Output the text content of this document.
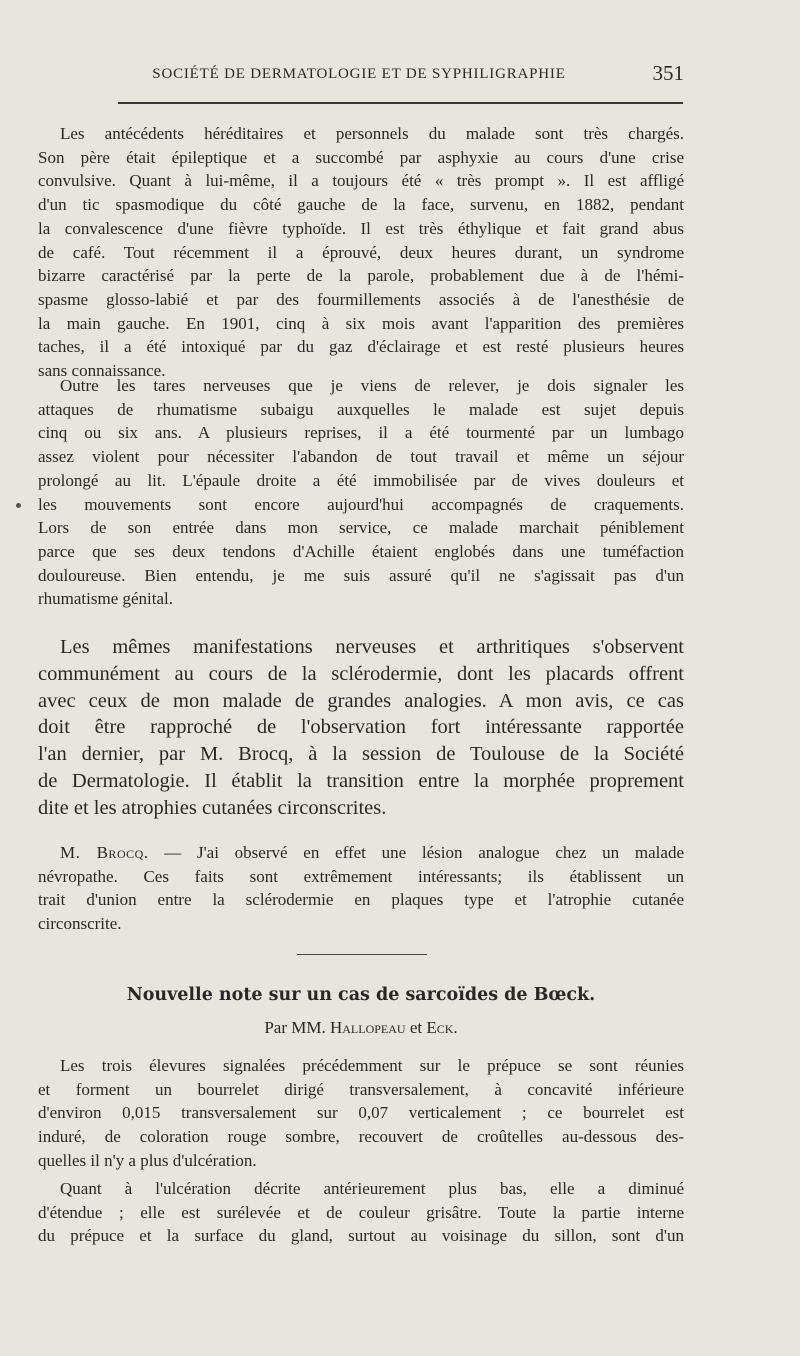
SOCIÉTÉ DE DERMATOLOGIE ET DE SYPHILIGRAPHIE	351

Les antécédents héréditaires et personnels du malade sont très chargés.

Son père était épileptique et a succombé par asphyxie au cours d'une crise

convulsive. Quant à lui-même, il a toujours été « très prompt ». Il est affligé

d'un tic spasmodique du côté gauche de la face, survenu, en 1882, pendant

la convalescence d'une fièvre typhoïde. Il est très éthylique et fait grand abus

de café. Tout récemment il a éprouvé, deux heures durant, un syndrome

bizarre caractérisé par la perte de la parole, probablement due à de l'hémi-

spasme glosso-labié et par des fourmillements associés à de l'anesthésie de

la main gauche. En 1901, cinq à six mois avant l'apparition des premières

taches, il a été intoxiqué par du gaz d'éclairage et est resté plusieurs heures

sans connaissance.

Outre les tares nerveuses que je viens de relever, je dois signaler les

attaques de rhumatisme subaigu auxquelles le malade est sujet depuis

cinq ou six ans. A plusieurs reprises, il a été tourmenté par un lumbago

assez violent pour nécessiter l'abandon de tout travail et même un séjour

prolongé au lit. L'épaule droite a été immobilisée par de vives douleurs et

les mouvements sont encore aujourd'hui accompagnés de craquements.

Lors de son entrée dans mon service, ce malade marchait péniblement

parce que ses deux tendons d'Achille étaient englobés dans une tuméfaction

douloureuse. Bien entendu, je me suis assuré qu'il ne s'agissait pas d'un

rhumatisme génital.

Les mêmes manifestations nerveuses et arthritiques s'observent

communément au cours de la sclérodermie, dont les placards offrent

avec ceux de mon malade de grandes analogies. A mon avis, ce cas

doit être rapproché de l'observation fort intéressante rapportée

l'an dernier, par M. Brocq, à la session de Toulouse de la Société

de Dermatologie. Il établit la transition entre la morphée proprement

dite et les atrophies cutanées circonscrites.

M. Brocq. — J'ai observé en effet une lésion analogue chez un malade

névropathe. Ces faits sont extrêmement intéressants; ils établissent un

trait d'union entre la sclérodermie en plaques type et l'atrophie cutanée

circonscrite.

Nouvelle note sur un cas de sarcoïdes de Bœck.
Par MM. Hallopeau et Eck.

Les trois élevures signalées précédemment sur le prépuce se sont réunies

et forment un bourrelet dirigé transversalement, à concavité inférieure

d'environ 0,015 transversalement sur 0,07 verticalement ; ce bourrelet est

induré, de coloration rouge sombre, recouvert de croûtelles au-dessous des-

quelles il n'y a plus d'ulcération.

Quant à l'ulcération décrite antérieurement plus bas, elle a diminué

d'étendue ; elle est surélevée et de couleur grisâtre. Toute la partie interne

du prépuce et la surface du gland, surtout au voisinage du sillon, sont d'un
